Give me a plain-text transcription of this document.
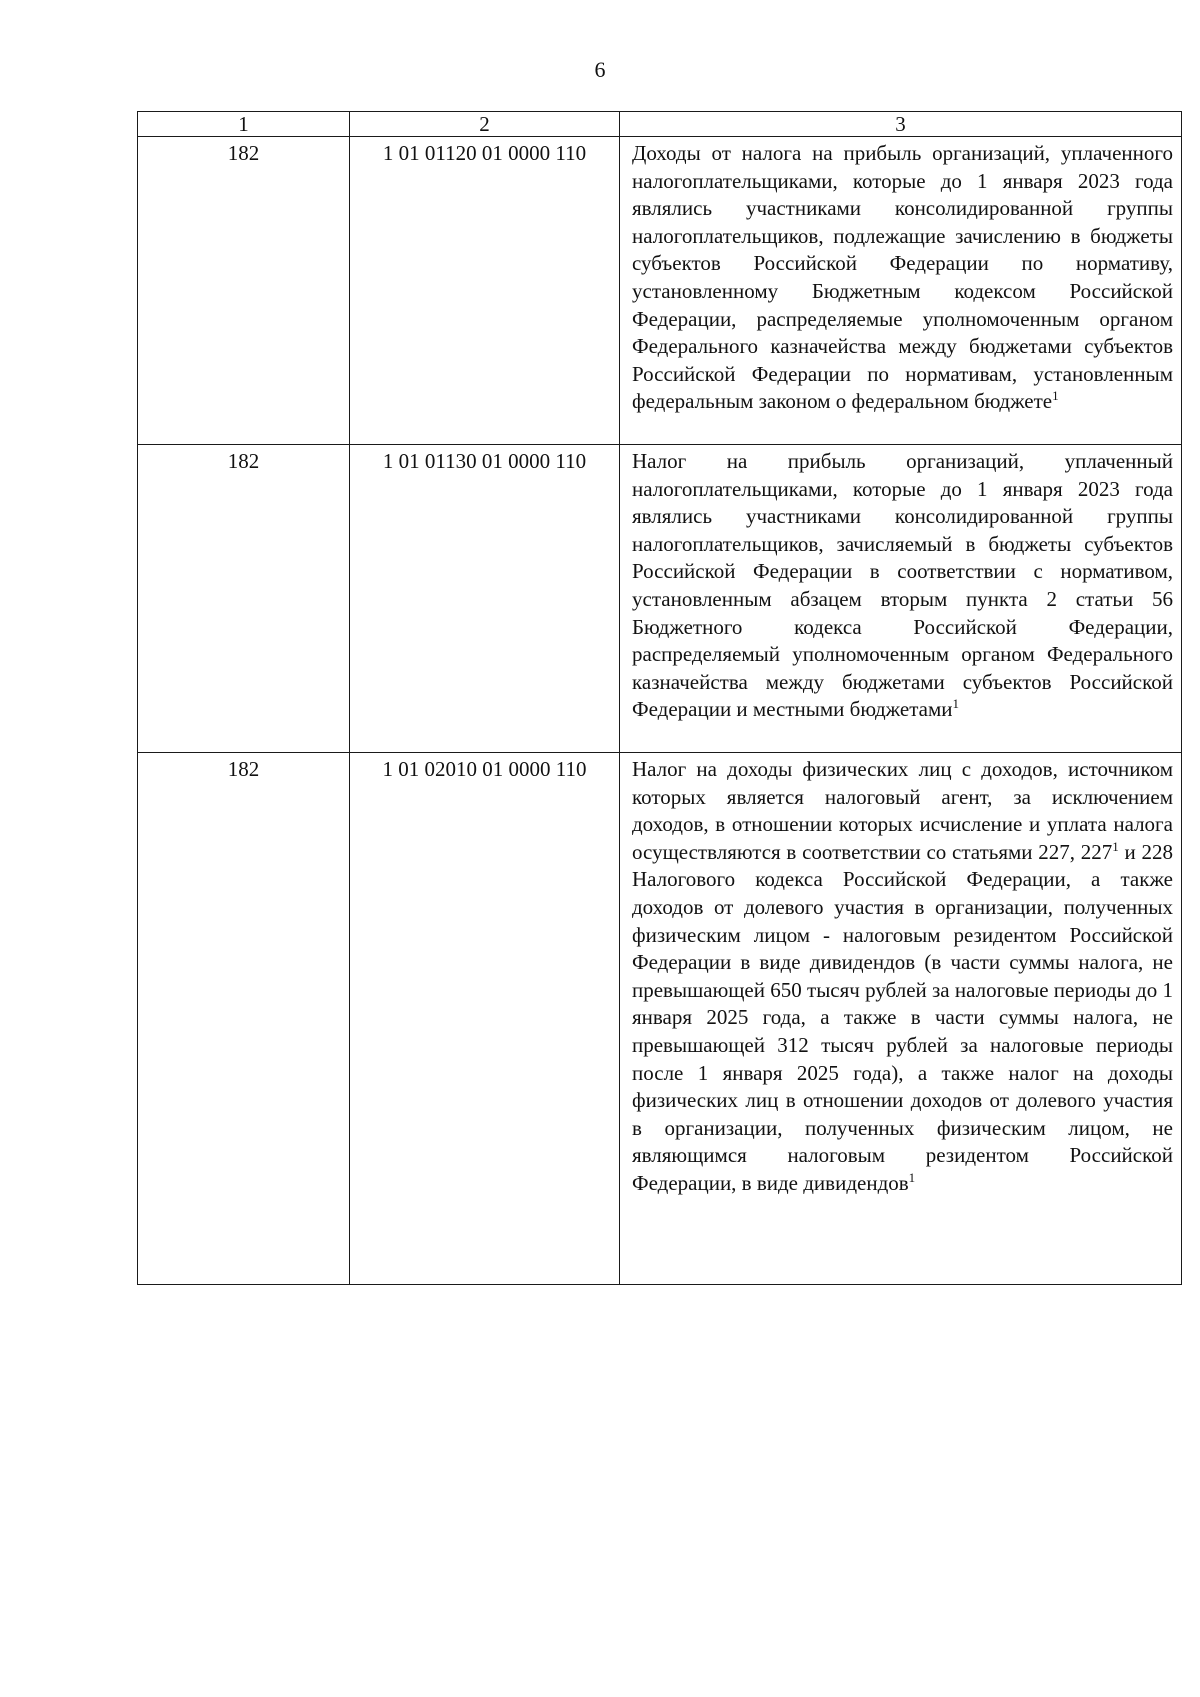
6
1	2	3
182	1 01 01120 01 0000 110	Доходы от налога на прибыль организаций, уплаченного налогоплательщиками, которые до 1 января 2023 года являлись участниками консолидированной группы налогоплательщиков, подлежащие зачислению в бюджеты субъектов Российской Федерации по нормативу, установленному Бюджетным кодексом Российской Федерации, распределяемые уполномоченным органом Федерального казначейства между бюджетами субъектов Российской Федерации по нормативам, установленным федеральным законом о федеральном бюджете$^1$
182	1 01 01130 01 0000 110	Налог на прибыль организаций, уплаченный налогоплательщиками, которые до 1 января 2023 года являлись участниками консолидированной группы налогоплательщиков, зачисляемый в бюджеты субъектов Российской Федерации в соответствии с нормативом, установленным абзацем вторым пункта 2 статьи 56 Бюджетного кодекса Российской Федерации, распределяемый уполномоченным органом Федерального казначейства между бюджетами субъектов Российской Федерации и местными бюджетами$^1$
182	1 01 02010 01 0000 110	Налог на доходы физических лиц с доходов, источником которых является налоговый агент, за исключением доходов, в отношении которых исчисление и уплата налога осуществляются в соответствии со статьями 227, $227^1$ и 228 Налогового кодекса Российской Федерации, а также доходов от долевого участия в организации, полученных физическим лицом - налоговым резидентом Российской Федерации в виде дивидендов (в части суммы налога, не превышающей 650 тысяч рублей за налоговые периоды до 1 января 2025 года, а также в части суммы налога, не превышающей 312 тысяч рублей за налоговые периоды после 1 января 2025 года), а также налог на доходы физических лиц в отношении доходов от долевого участия в организации, полученных физическим лицом, не являющимся налоговым резидентом Российской Федерации, в виде дивидендов$^1$
